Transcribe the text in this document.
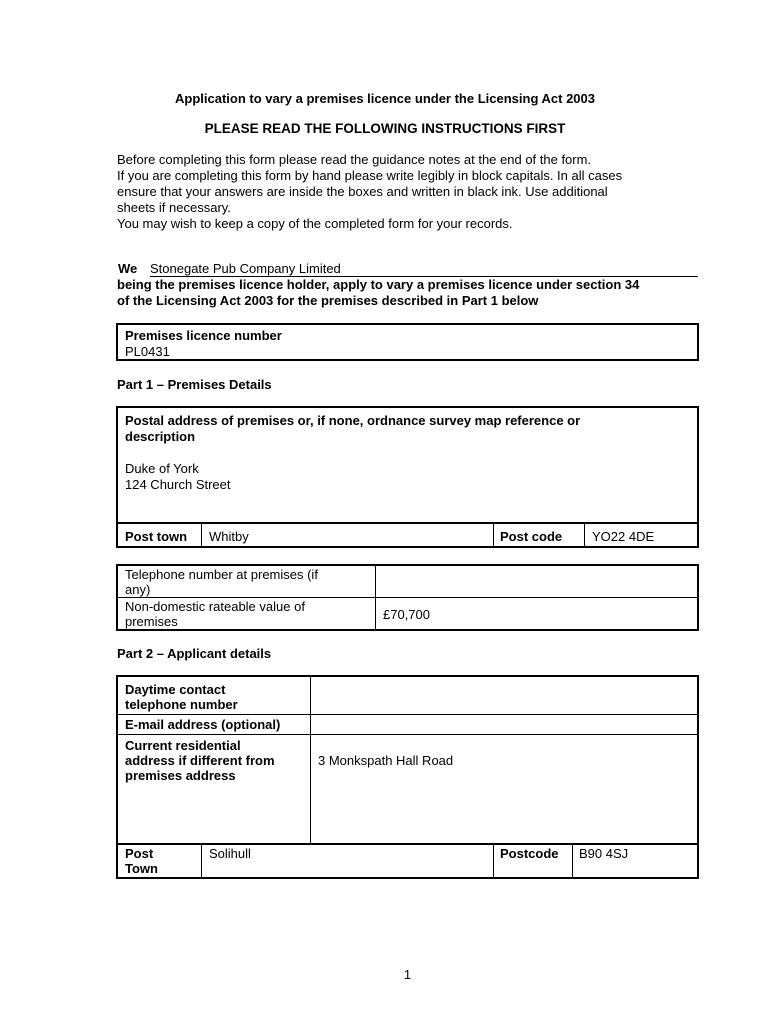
Application to vary a premises licence under the Licensing Act 2003
PLEASE READ THE FOLLOWING INSTRUCTIONS FIRST
Before completing this form please read the guidance notes at the end of the form.
If you are completing this form by hand please write legibly in block capitals. In all cases
ensure that your answers are inside the boxes and written in black ink. Use additional
sheets if necessary.
You may wish to keep a copy of the completed form for your records.
We Stonegate Pub Company Limited
being the premises licence holder, apply to vary a premises licence under section 34
of the Licensing Act 2003 for the premises described in Part 1 below
Premises licence number
PL0431
Part 1 – Premises Details
Postal address of premises or, if none, ordnance survey map reference or
description
Duke of York
124 Church Street
Post town Whitby	Post code YO22 4DE
Telephone number at premises (if
any)
Non-domestic rateable value of
premises	£70,700
Part 2 – Applicant details
Daytime contact
telephone number
E-mail address (optional)
Current residential
address if different from
premises address
3 Monkspath Hall Road
Post
Town
Solihull	Postcode B90 4SJ
1
